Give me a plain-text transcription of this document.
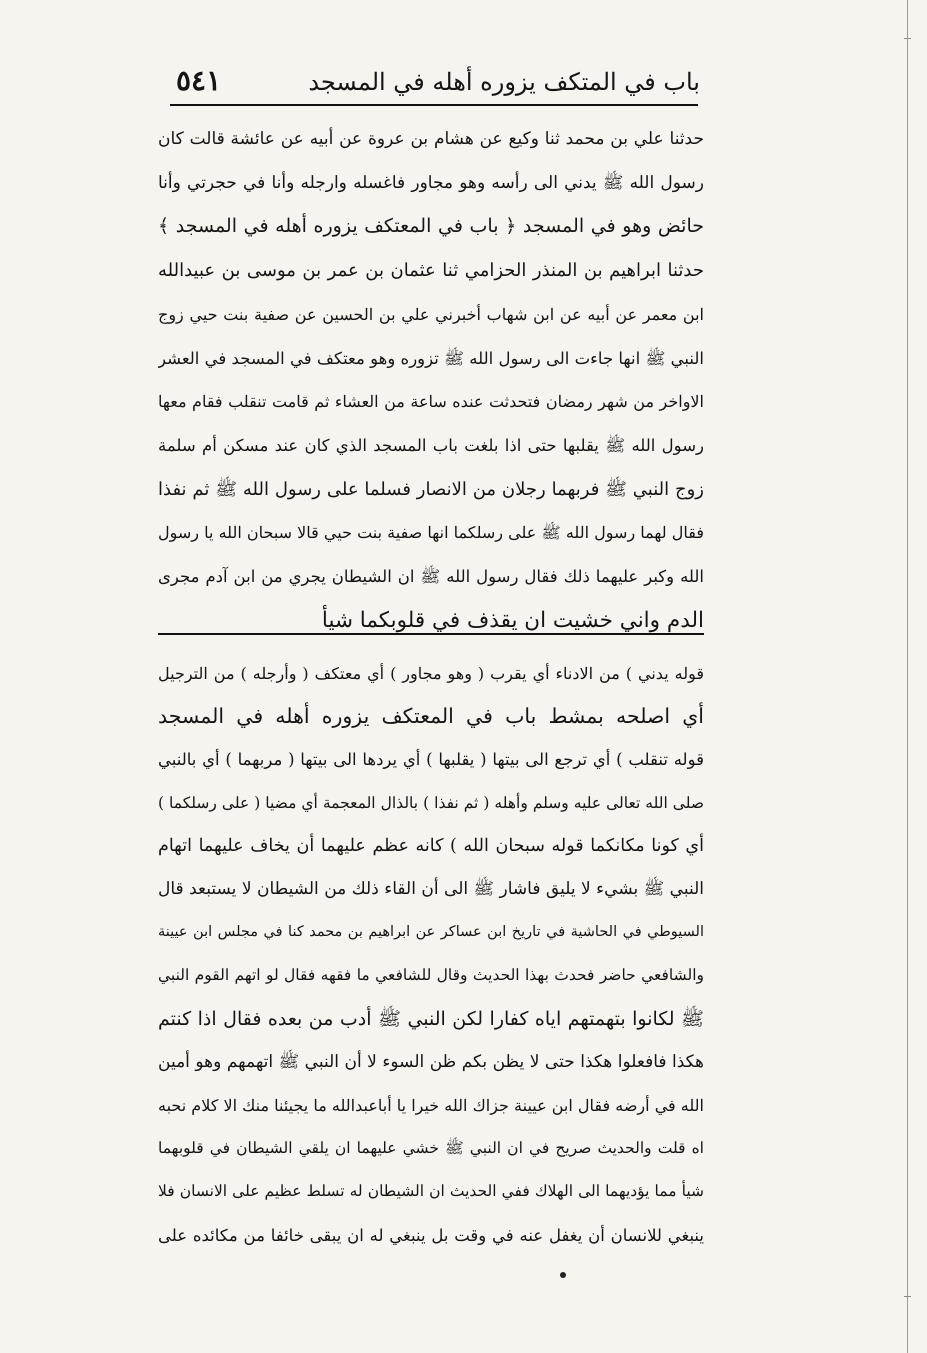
باب في المتكف يزوره أهله في المسجد
٥٤١
حدثنا علي بن محمد ثنا وكيع عن هشام بن عروة عن أبيه عن عائشة قالت كان
رسول الله ﷺ يدني الى رأسه وهو مجاور فاغسله وارجله وأنا في حجرتي وأنا
حائض وهو في المسجد ﴿ باب في المعتكف يزوره أهله في المسجد ﴾
حدثنا ابراهيم بن المنذر الحزامي ثنا عثمان بن عمر بن موسى بن عبيدالله
ابن معمر عن أبيه عن ابن شهاب أخبرني علي بن الحسين عن صفية بنت حيي زوج
النبي ﷺ انها جاءت الى رسول الله ﷺ تزوره وهو معتكف في المسجد في العشر
الاواخر من شهر رمضان فتحدثت عنده ساعة من العشاء ثم قامت تنقلب فقام معها
رسول الله ﷺ يقلبها حتى اذا بلغت باب المسجد الذي كان عند مسكن أم سلمة
زوج النبي ﷺ فربهما رجلان من الانصار فسلما على رسول الله ﷺ ثم نفذا
فقال لهما رسول الله ﷺ على رسلكما انها صفية بنت حيي قالا سبحان الله يا رسول
الله وكبر عليهما ذلك فقال رسول الله ﷺ ان الشيطان يجري من ابن آدم مجرى
الدم واني خشيت ان يقذف في قلوبكما شيأ
قوله يدني ) من الادناء أي يقرب ( وهو مجاور ) أي معتكف ( وأرجله ) من الترجيل
أي اصلحه بمشط باب في المعتكف يزوره أهله في المسجد
قوله تنقلب ) أي ترجع الى بيتها ( يقلبها ) أي يردها الى بيتها ( مربهما ) أي بالنبي
صلى الله تعالى عليه وسلم وأهله ( ثم نفذا ) بالذال المعجمة أي مضيا ( على رسلكما )
أي كونا مكانكما قوله سبحان الله ) كانه عظم عليهما أن يخاف عليهما اتهام
النبي ﷺ بشيء لا يليق فاشار ﷺ الى أن القاء ذلك من الشيطان لا يستبعد قال
السيوطي في الحاشية في تاريخ ابن عساكر عن ابراهيم بن محمد كنا في مجلس ابن عيينة
والشافعي حاضر فحدث بهذا الحديث وقال للشافعي ما فقهه فقال لو اتهم القوم النبي
ﷺ لكانوا بتهمتهم اياه كفارا لكن النبي ﷺ أدب من بعده فقال اذا كنتم
هكذا فافعلوا هكذا حتى لا يظن بكم ظن السوء لا أن النبي ﷺ اتهمهم وهو أمين
الله في أرضه فقال ابن عيينة جزاك الله خيرا يا أباعبدالله ما يجيئنا منك الا كلام نحبه
اه قلت والحديث صريح في ان النبي ﷺ خشي عليهما ان يلقي الشيطان في قلوبهما
شيأ مما يؤديهما الى الهلاك ففي الحديث ان الشيطان له تسلط عظيم على الانسان فلا
ينبغي للانسان أن يغفل عنه في وقت بل ينبغي له ان يبقى خائفا من مكائده على
